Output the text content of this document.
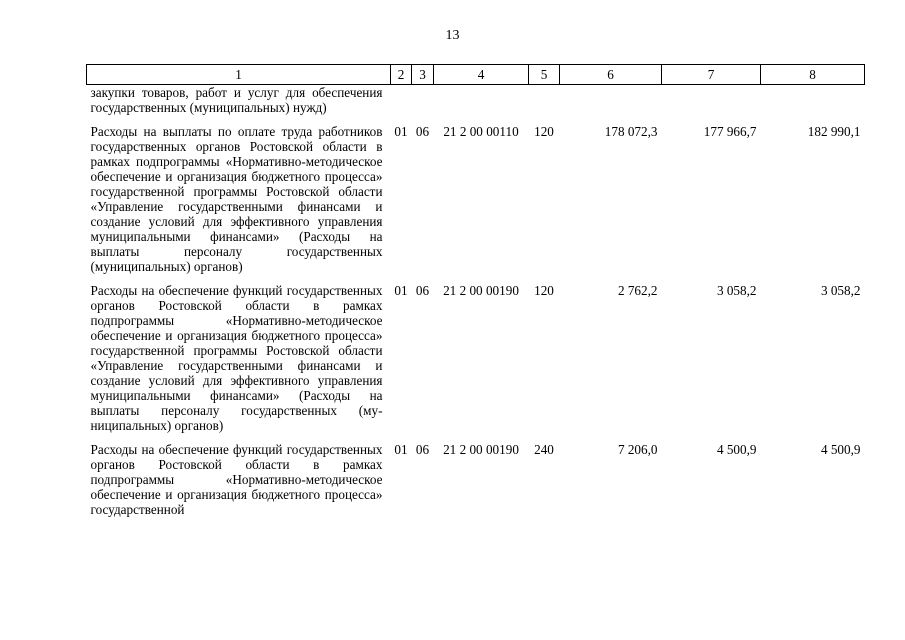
13
1	2	3	4	5	6	7	8
закупки товаров, работ и услуг для обеспечения государственных (муниципальных) нужд)							
Расходы на выплаты по оплате труда работников государственных органов Ростовской области в рамках подпрограммы «Нормативно-методическое обеспечение и организация бюджетного процесса» государственной программы Ростовской области «Управление государственными финансами и создание условий для эффективного управления муниципальными финансами» (Расходы на выплаты персоналу государственных (муниципальных) органов)	01	06	21 2 00 00110	120	178 072,3	177 966,7	182 990,1
Расходы на обеспечение функций государственных органов Ростовской области в рамках подпрограммы «Нормативно-методическое обеспечение и организация бюджетного процесса» государственной программы Ростовской области «Управление государственными финансами и создание условий для эффективного управления муниципальными финансами» (Расходы на выплаты персоналу государственных (муниципальных) органов)	01	06	21 2 00 00190	120	2 762,2	3 058,2	3 058,2
Расходы на обеспечение функций государственных органов Ростовской области в рамках подпрограммы «Нормативно-методическое обеспечение и организация бюджетного процесса» государственной	01	06	21 2 00 00190	240	7 206,0	4 500,9	4 500,9
